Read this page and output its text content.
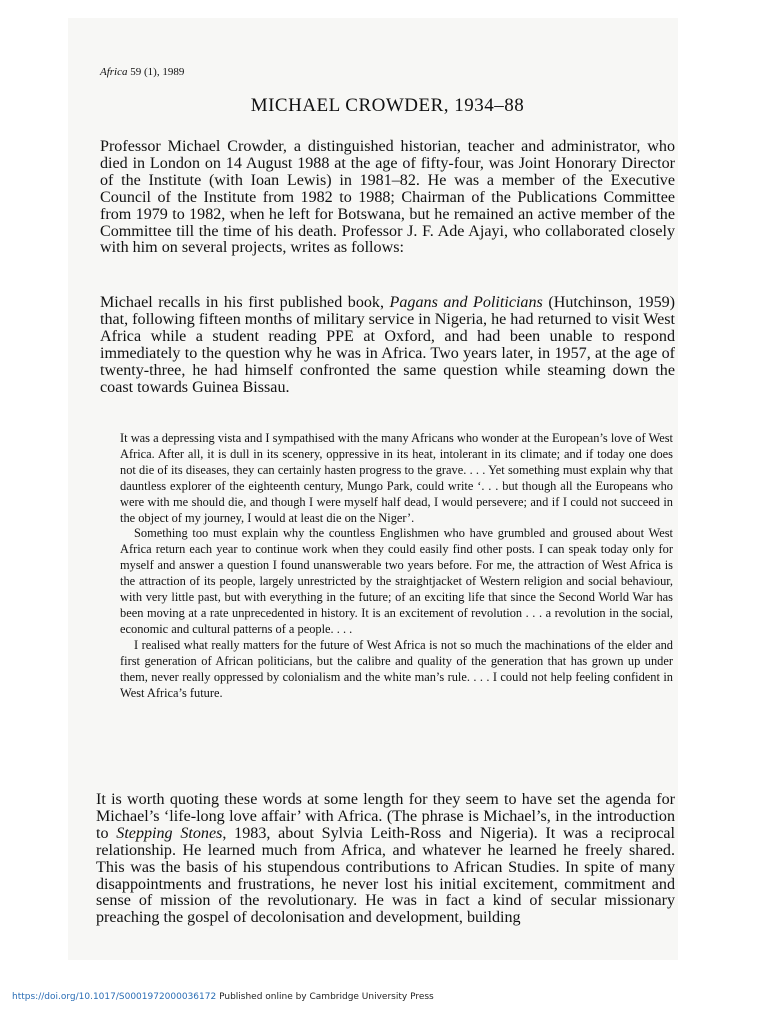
Africa 59 (1), 1989

MICHAEL CROWDER, 1934–88

Professor Michael Crowder, a distinguished historian, teacher and administrator, who died in London on 14 August 1988 at the age of fifty-four, was Joint Honorary Director of the Institute (with Ioan Lewis) in 1981–82. He was a member of the Executive Council of the Institute from 1982 to 1988; Chairman of the Publications Committee from 1979 to 1982, when he left for Botswana, but he remained an active member of the Committee till the time of his death. Professor J. F. Ade Ajayi, who collaborated closely with him on several projects, writes as follows:

Michael recalls in his first published book, Pagans and Politicians (Hutchinson, 1959) that, following fifteen months of military service in Nigeria, he had returned to visit West Africa while a student reading PPE at Oxford, and had been unable to respond immediately to the question why he was in Africa. Two years later, in 1957, at the age of twenty-three, he had himself confronted the same question while steaming down the coast towards Guinea Bissau.

It was a depressing vista and I sympathised with the many Africans who wonder at the European’s love of West Africa. After all, it is dull in its scenery, oppressive in its heat, intolerant in its climate; and if today one does not die of its diseases, they can certainly hasten progress to the grave. . . . Yet something must explain why that dauntless explorer of the eighteenth century, Mungo Park, could write ‘. . . but though all the Europeans who were with me should die, and though I were myself half dead, I would persevere; and if I could not succeed in the object of my journey, I would at least die on the Niger’.

Something too must explain why the countless Englishmen who have grumbled and groused about West Africa return each year to continue work when they could easily find other posts. I can speak today only for myself and answer a question I found unanswerable two years before. For me, the attraction of West Africa is the attraction of its people, largely unrestricted by the straightjacket of Western religion and social behaviour, with very little past, but with everything in the future; of an exciting life that since the Second World War has been moving at a rate unprecedented in history. It is an excitement of revolution . . . a revolution in the social, economic and cultural patterns of a people. . . .

I realised what really matters for the future of West Africa is not so much the machinations of the elder and first generation of African politicians, but the calibre and quality of the generation that has grown up under them, never really oppressed by colonialism and the white man’s rule. . . . I could not help feeling confident in West Africa’s future.

It is worth quoting these words at some length for they seem to have set the agenda for Michael’s ‘life-long love affair’ with Africa. (The phrase is Michael’s, in the introduction to Stepping Stones, 1983, about Sylvia Leith-Ross and Nigeria). It was a reciprocal relationship. He learned much from Africa, and whatever he learned he freely shared. This was the basis of his stupendous contributions to African Studies. In spite of many disappointments and frustrations, he never lost his initial excitement, commitment and sense of mission of the revolutionary. He was in fact a kind of secular missionary preaching the gospel of decolonisation and development, building

https://doi.org/10.1017/S0001972000036172 Published online by Cambridge University Press
